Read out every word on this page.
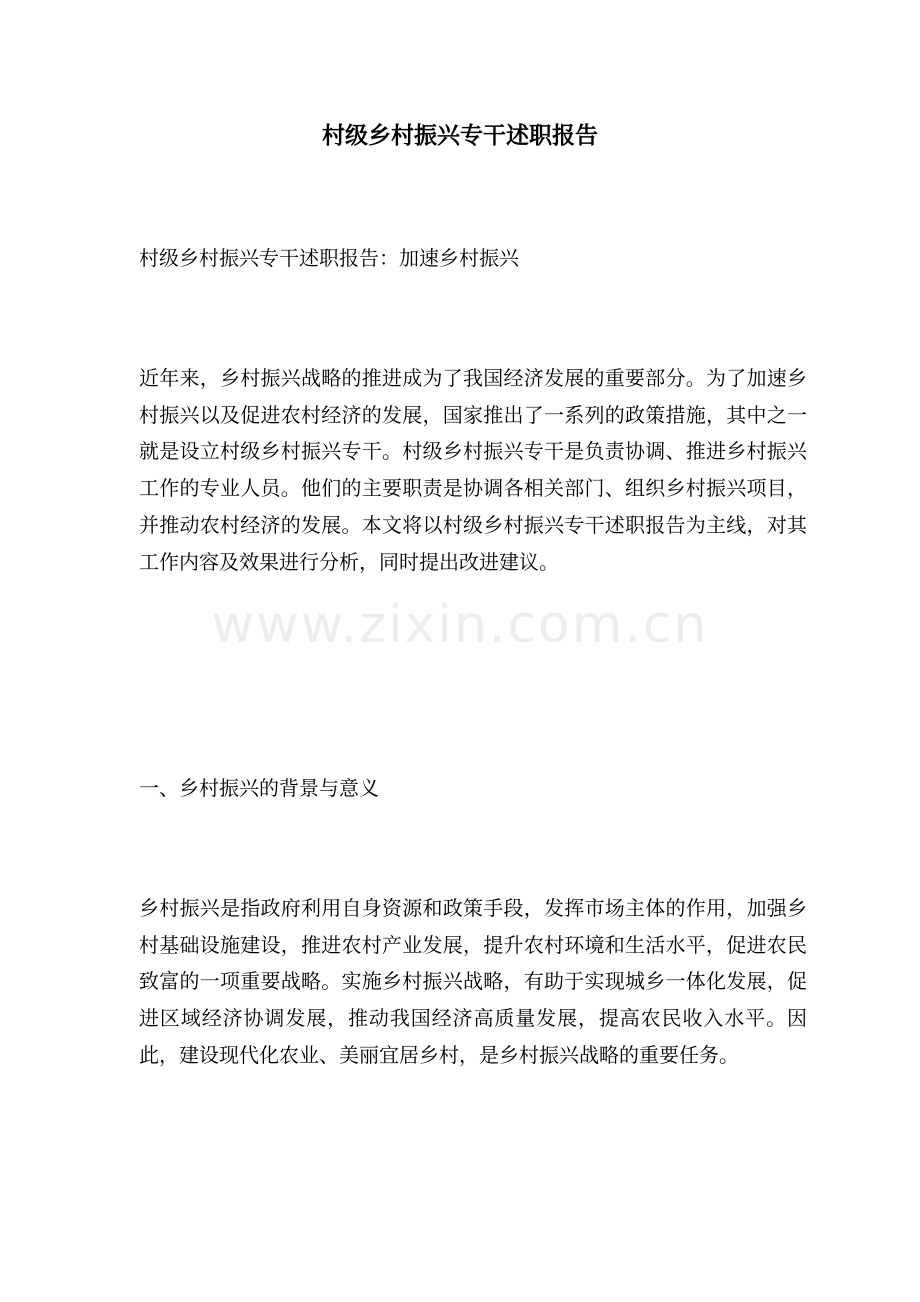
村级乡村振兴专干述职报告

村级乡村振兴专干述职报告：加速乡村振兴

近年来，乡村振兴战略的推进成为了我国经济发展的重要部分。为了加速乡村振兴以及促进农村经济的发展，国家推出了一系列的政策措施，其中之一就是设立村级乡村振兴专干。村级乡村振兴专干是负责协调、推进乡村振兴工作的专业人员。他们的主要职责是协调各相关部门、组织乡村振兴项目，并推动农村经济的发展。本文将以村级乡村振兴专干述职报告为主线，对其工作内容及效果进行分析，同时提出改进建议。

一、乡村振兴的背景与意义

乡村振兴是指政府利用自身资源和政策手段，发挥市场主体的作用，加强乡村基础设施建设，推进农村产业发展，提升农村环境和生活水平，促进农民致富的一项重要战略。实施乡村振兴战略，有助于实现城乡一体化发展，促进区域经济协调发展，推动我国经济高质量发展，提高农民收入水平。因此，建设现代化农业、美丽宜居乡村，是乡村振兴战略的重要任务。

www.zixin.com.cn
